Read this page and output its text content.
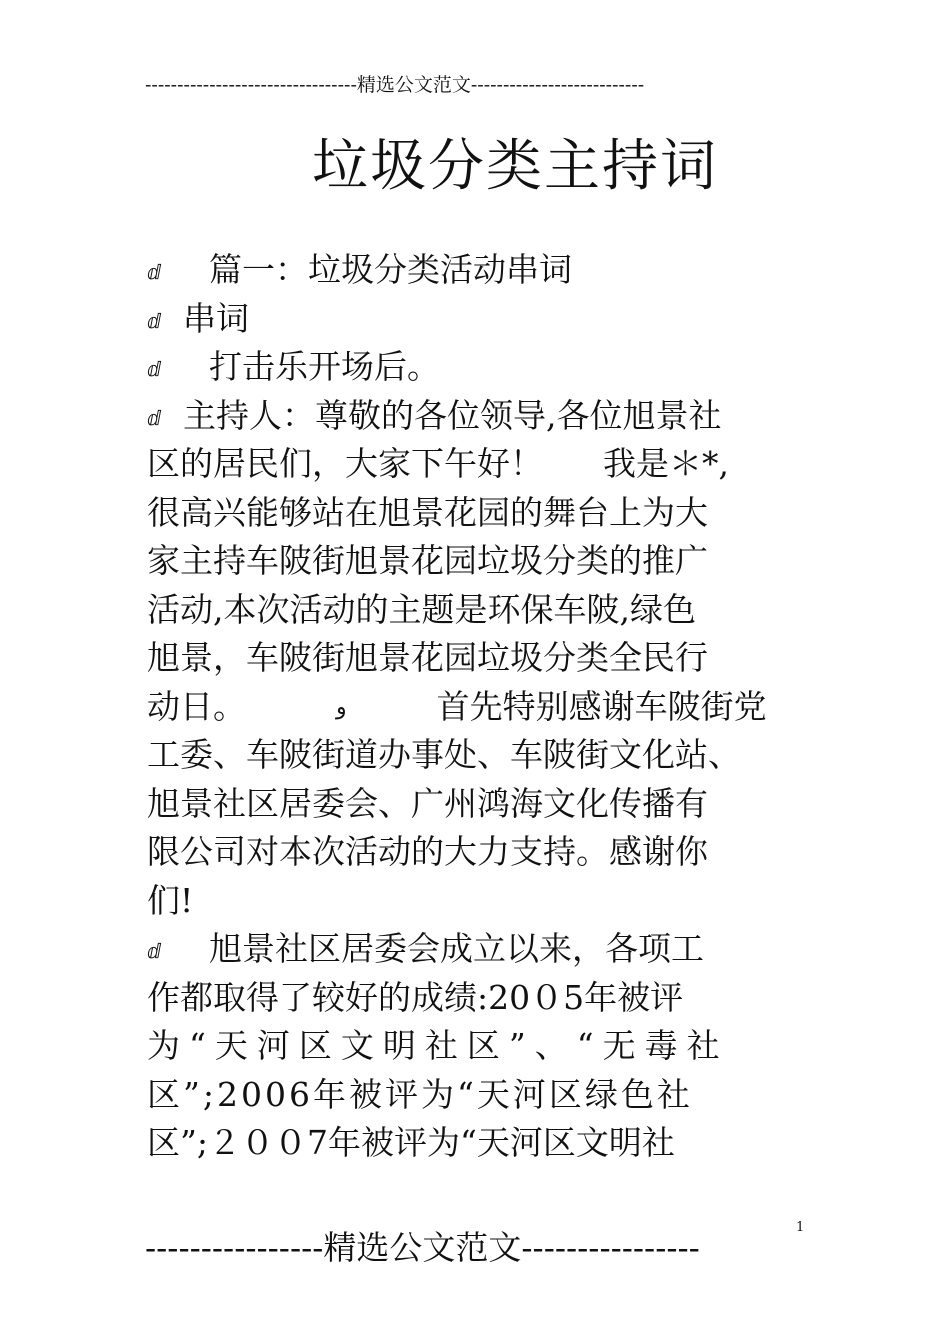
---------------------------------精选公文范文---------------------------
垃圾分类主持词
ⅆ 篇一：垃圾分类活动串词
ⅆ 串词
ⅆ 打击乐开场后。
ⅆ 主持人：尊敬的各位领导,各位旭景社
区的居民们，大家下午好！ 我是＊*,
很高兴能够站在旭景花园的舞台上为大
家主持车陂街旭景花园垃圾分类的推广
活动,本次活动的主题是环保车陂,绿色
旭景，车陂街旭景花园垃圾分类全民行
动日。	و	首先特别感谢车陂街党
工委、车陂街道办事处、车陂街文化站、
旭景社区居委会、广州鸿海文化传播有
限公司对本次活动的大力支持。感谢你
们!
ⅆ 旭景社区居委会成立以来，各项工
作都取得了较好的成绩:20０5年被评
为“天河区文明社区”、“无毒社
区”;2006年被评为“天河区绿色社
区”;２００7年被评为“天河区文明社
----------------精选公文范文----------------
1
